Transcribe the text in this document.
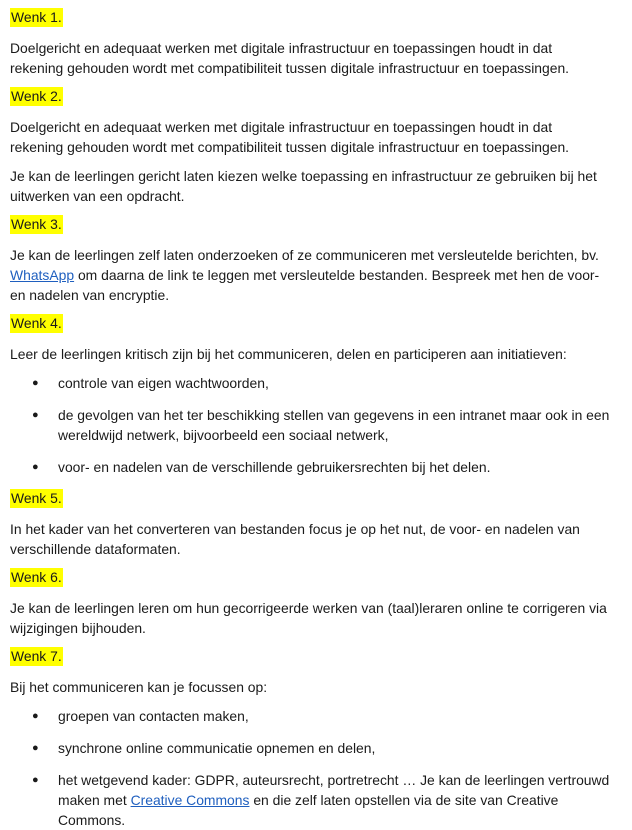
Wenk 1.

Doelgericht en adequaat werken met digitale infrastructuur en toepassingen houdt in dat rekening gehouden wordt met compatibiliteit tussen digitale infrastructuur en toepassingen.

Wenk 2.

Doelgericht en adequaat werken met digitale infrastructuur en toepassingen houdt in dat rekening gehouden wordt met compatibiliteit tussen digitale infrastructuur en toepassingen.

Je kan de leerlingen gericht laten kiezen welke toepassing en infrastructuur ze gebruiken bij het uitwerken van een opdracht.

Wenk 3.

Je kan de leerlingen zelf laten onderzoeken of ze communiceren met versleutelde berichten, bv. WhatsApp om daarna de link te leggen met versleutelde bestanden. Bespreek met hen de voor- en nadelen van encryptie.

Wenk 4.

Leer de leerlingen kritisch zijn bij het communiceren, delen en participeren aan initiatieven:

● controle van eigen wachtwoorden,
● de gevolgen van het ter beschikking stellen van gegevens in een intranet maar ook in een wereldwijd netwerk, bijvoorbeeld een sociaal netwerk,
● voor- en nadelen van de verschillende gebruikersrechten bij het delen.
Wenk 5.

In het kader van het converteren van bestanden focus je op het nut, de voor- en nadelen van verschillende dataformaten.

Wenk 6.

Je kan de leerlingen leren om hun gecorrigeerde werken van (taal)leraren online te corrigeren via wijzigingen bijhouden.

Wenk 7.

Bij het communiceren kan je focussen op:

● groepen van contacten maken,
● synchrone online communicatie opnemen en delen,
● het wetgevend kader: GDPR, auteursrecht, portretrecht … Je kan de leerlingen vertrouwd maken met Creative Commons en die zelf laten opstellen via de site van Creative Commons.
